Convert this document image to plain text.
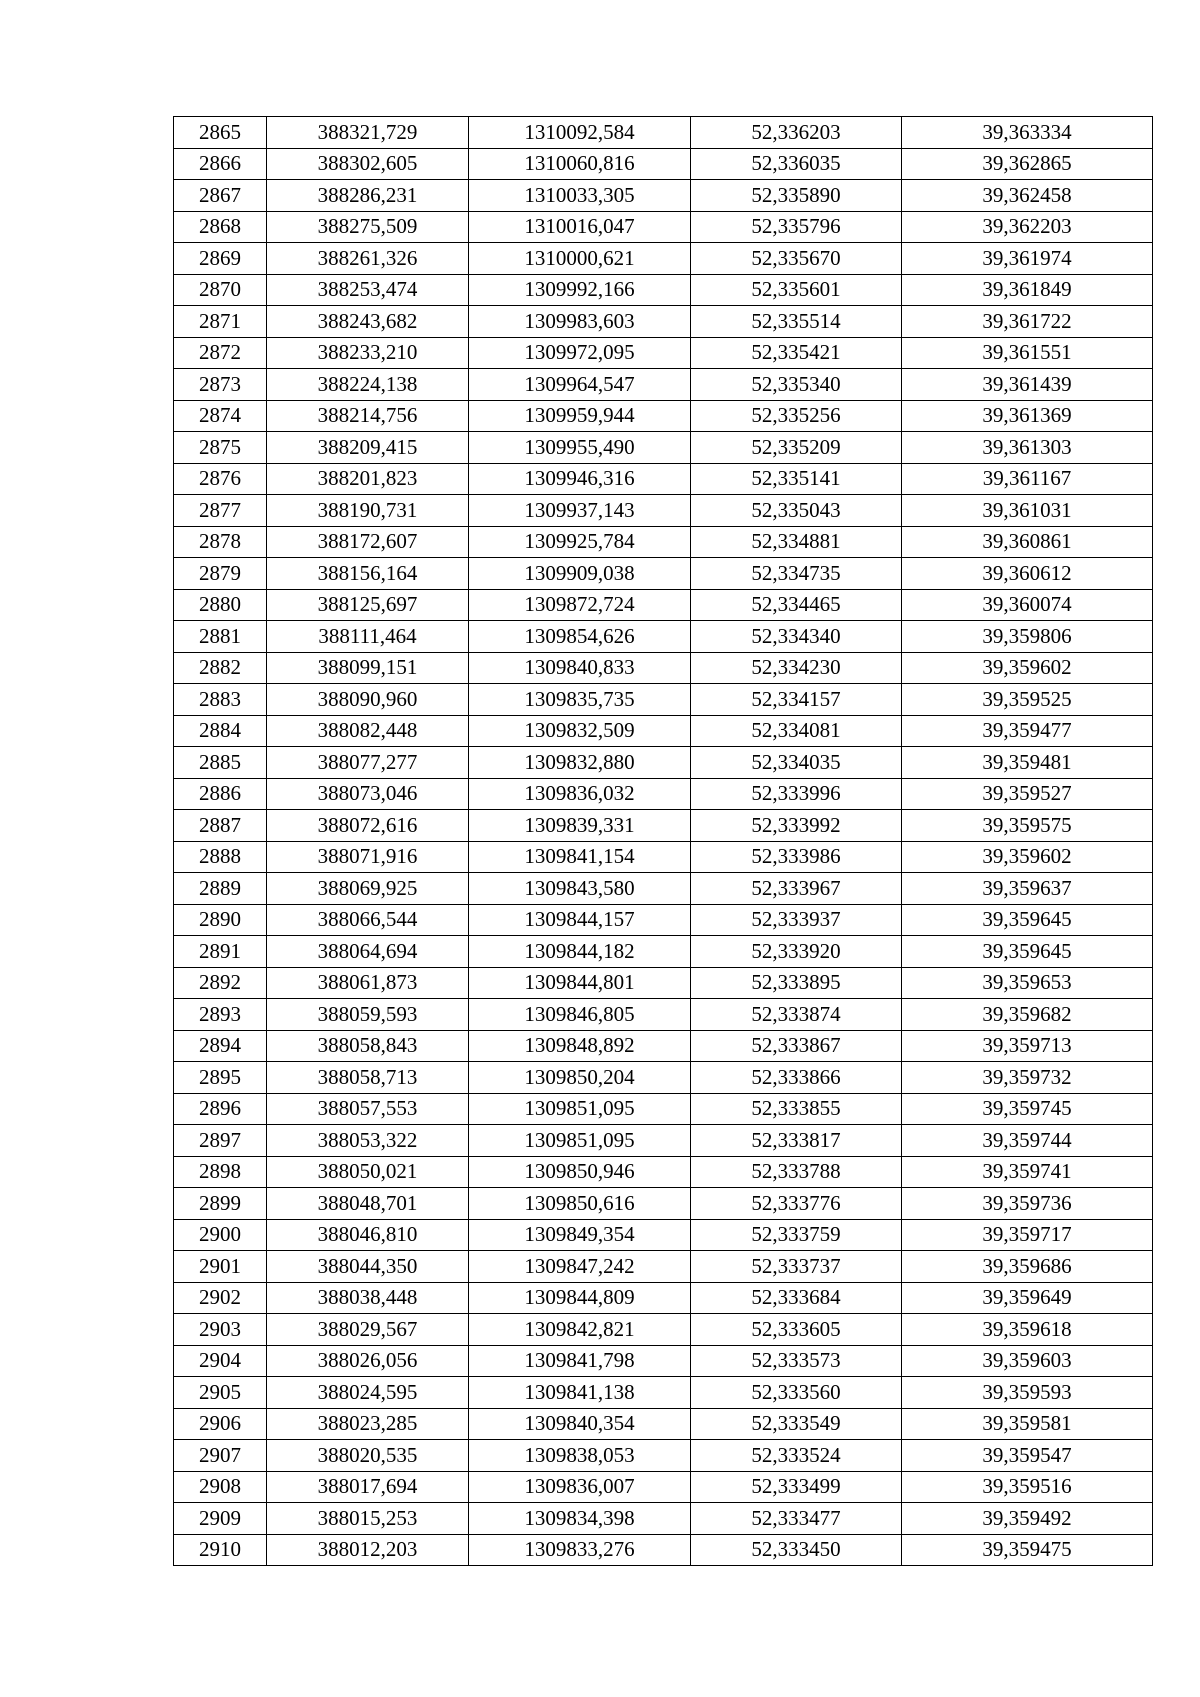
2865	388321,729	1310092,584	52,336203	39,363334
2866	388302,605	1310060,816	52,336035	39,362865
2867	388286,231	1310033,305	52,335890	39,362458
2868	388275,509	1310016,047	52,335796	39,362203
2869	388261,326	1310000,621	52,335670	39,361974
2870	388253,474	1309992,166	52,335601	39,361849
2871	388243,682	1309983,603	52,335514	39,361722
2872	388233,210	1309972,095	52,335421	39,361551
2873	388224,138	1309964,547	52,335340	39,361439
2874	388214,756	1309959,944	52,335256	39,361369
2875	388209,415	1309955,490	52,335209	39,361303
2876	388201,823	1309946,316	52,335141	39,361167
2877	388190,731	1309937,143	52,335043	39,361031
2878	388172,607	1309925,784	52,334881	39,360861
2879	388156,164	1309909,038	52,334735	39,360612
2880	388125,697	1309872,724	52,334465	39,360074
2881	388111,464	1309854,626	52,334340	39,359806
2882	388099,151	1309840,833	52,334230	39,359602
2883	388090,960	1309835,735	52,334157	39,359525
2884	388082,448	1309832,509	52,334081	39,359477
2885	388077,277	1309832,880	52,334035	39,359481
2886	388073,046	1309836,032	52,333996	39,359527
2887	388072,616	1309839,331	52,333992	39,359575
2888	388071,916	1309841,154	52,333986	39,359602
2889	388069,925	1309843,580	52,333967	39,359637
2890	388066,544	1309844,157	52,333937	39,359645
2891	388064,694	1309844,182	52,333920	39,359645
2892	388061,873	1309844,801	52,333895	39,359653
2893	388059,593	1309846,805	52,333874	39,359682
2894	388058,843	1309848,892	52,333867	39,359713
2895	388058,713	1309850,204	52,333866	39,359732
2896	388057,553	1309851,095	52,333855	39,359745
2897	388053,322	1309851,095	52,333817	39,359744
2898	388050,021	1309850,946	52,333788	39,359741
2899	388048,701	1309850,616	52,333776	39,359736
2900	388046,810	1309849,354	52,333759	39,359717
2901	388044,350	1309847,242	52,333737	39,359686
2902	388038,448	1309844,809	52,333684	39,359649
2903	388029,567	1309842,821	52,333605	39,359618
2904	388026,056	1309841,798	52,333573	39,359603
2905	388024,595	1309841,138	52,333560	39,359593
2906	388023,285	1309840,354	52,333549	39,359581
2907	388020,535	1309838,053	52,333524	39,359547
2908	388017,694	1309836,007	52,333499	39,359516
2909	388015,253	1309834,398	52,333477	39,359492
2910	388012,203	1309833,276	52,333450	39,359475
